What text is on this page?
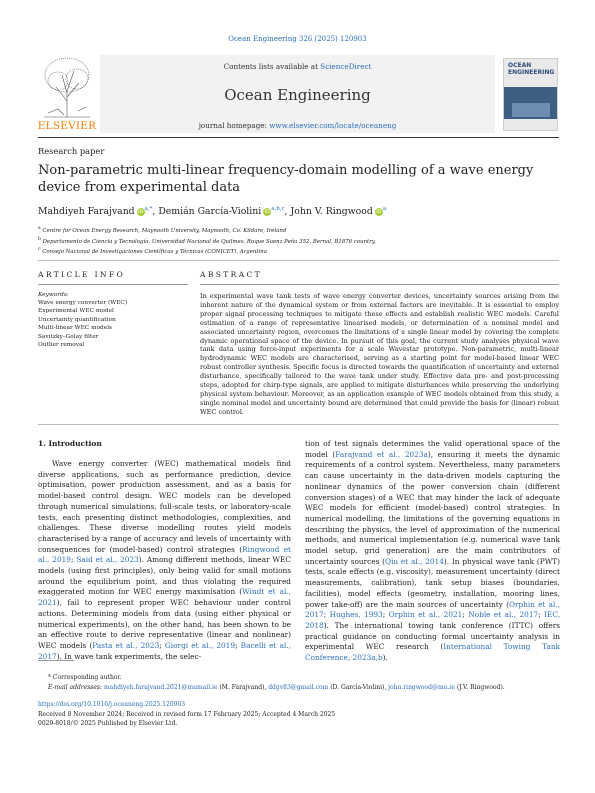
Ocean Engineering 326 (2025) 120903
ELSEVIER
Contents lists available at ScienceDirect
Ocean Engineering
journal homepage: www.elsevier.com/locate/oceaneng
OCEAN
ENGINEERING
Research paper
Non-parametric multi-linear frequency-domain modelling of a wave energy device from experimental data
Mahdiyeh Farajvand $iD^{a,*}$, Demián García-Violini iD$^{a,b,c}$, John V. Ringwood $iD^a$
$^a$ Centre for Ocean Energy Research, Maynooth University, Maynooth, Co. Kildare, Ireland
$^b$ Departamento de Ciencia y Tecnología, Universidad Nacional de Quilmes, Roque Saenz Peña 352, Bernal, B1876 country,
$^c$ Consejo Nacional de Investigaciones Científicas y Técnicas (CONICET), Argentina
ARTICLE INFO	ABSTRACT
Keywords:
Wave energy converter (WEC)
Experimental WEC model
Uncertainty quantification
Multi-linear WEC models
Savitzky–Golay filter
Outlier removal
In experimental wave tank tests of wave energy converter devices, uncertainty sources arising from the inherent nature of the dynamical system or from external factors are inevitable. It is essential to employ proper signal processing techniques to mitigate these effects and establish realistic WEC models. Careful estimation of a range of representative linearised models, or determination of a nominal model and associated uncertainty region, overcomes the limitations of a single linear model by covering the complete dynamic operational space of the device. In pursuit of this goal, the current study analyses physical wave tank data using force-input experiments for a scale Wavestar prototype. Non-parametric, multi-linear hydrodynamic WEC models are characterised, serving as a starting point for model-based linear WEC robust controller synthesis. Specific focus is directed towards the quantification of uncertainty and external disturbance, specifically tailored to the wave tank under study. Effective data pre- and post-processing steps, adopted for chirp-type signals, are applied to mitigate disturbances while preserving the underlying physical system behaviour. Moreover, as an application example of WEC models obtained from this study, a single nominal model and uncertainty bound are determined that could provide the basis for (linear) robust WEC control.
1. Introduction
Wave energy converter (WEC) mathematical models find diverse applications, such as performance prediction, device optimisation, power production assessment, and as a basis for model-based control design. WEC models can be developed through numerical simulations, full-scale tests, or laboratory-scale tests, each presenting distinct methodologies, complexities, and challenges. These diverse modelling routes yield models characterised by a range of accuracy and levels of uncertainty with consequences for (model-based) control strategies (Ringwood et al., 2019; Said et al., 2023). Among different methods, linear WEC models (using first principles), only being valid for small motions around the equilibrium point, and thus violating the required exaggerated motion for WEC energy maximisation (Windt et al., 2021), fail to represent proper WEC behaviour under control actions. Determining models from data (using either physical or numerical experiments), on the other hand, has been shown to be an effective route to derive representative (linear and nonlinear) WEC models (Pasta et al., 2023; Giorgi et al., 2019; Bacelli et al., 2017). In wave tank experiments, the selec-
tion of test signals determines the valid operational space of the model (Farajvand et al., 2023a), ensuring it meets the dynamic requirements of a control system. Nevertheless, many parameters can cause uncertainty in the data-driven models capturing the nonlinear dynamics of the power conversion chain (different conversion stages) of a WEC that may hinder the lack of adequate WEC models for efficient (model-based) control strategies. In numerical modelling, the limitations of the governing equations in describing the physics, the level of approximation of the numerical methods, and numerical implementation (e.g. numerical wave tank model setup, grid generation) are the main contributors of uncertainty sources (Qiu et al., 2014). In physical wave tank (PWT) tests, scale effects (e.g. viscosity), measurement uncertainty (direct measurements, calibration), tank setup biases (boundaries, facilities), model effects (geometry, installation, mooring lines, power take-off) are the main sources of uncertainty (Orphin et al., 2017; Hughes, 1993; Orphin et al., 2021; Noble et al., 2017; IEC, 2018). The international towing tank conference (ITTC) offers practical guidance on conducting formal uncertainty analysis in experimental WEC research (International Towing Tank Conference, 2023a,b).
* Corresponding author.
E-mail addresses: mahdiyeh.farajvand.2021@mumail.ie (M. Farajvand), ddgv83@gmail.com (D. García-Violini), john.ringwood@mu.ie (J.V. Ringwood).
https://doi.org/10.1016/j.oceaneng.2025.120903
Received 8 November 2024; Received in revised form 17 February 2025; Accepted 4 March 2025
0029-8018/© 2025 Published by Elsevier Ltd.
